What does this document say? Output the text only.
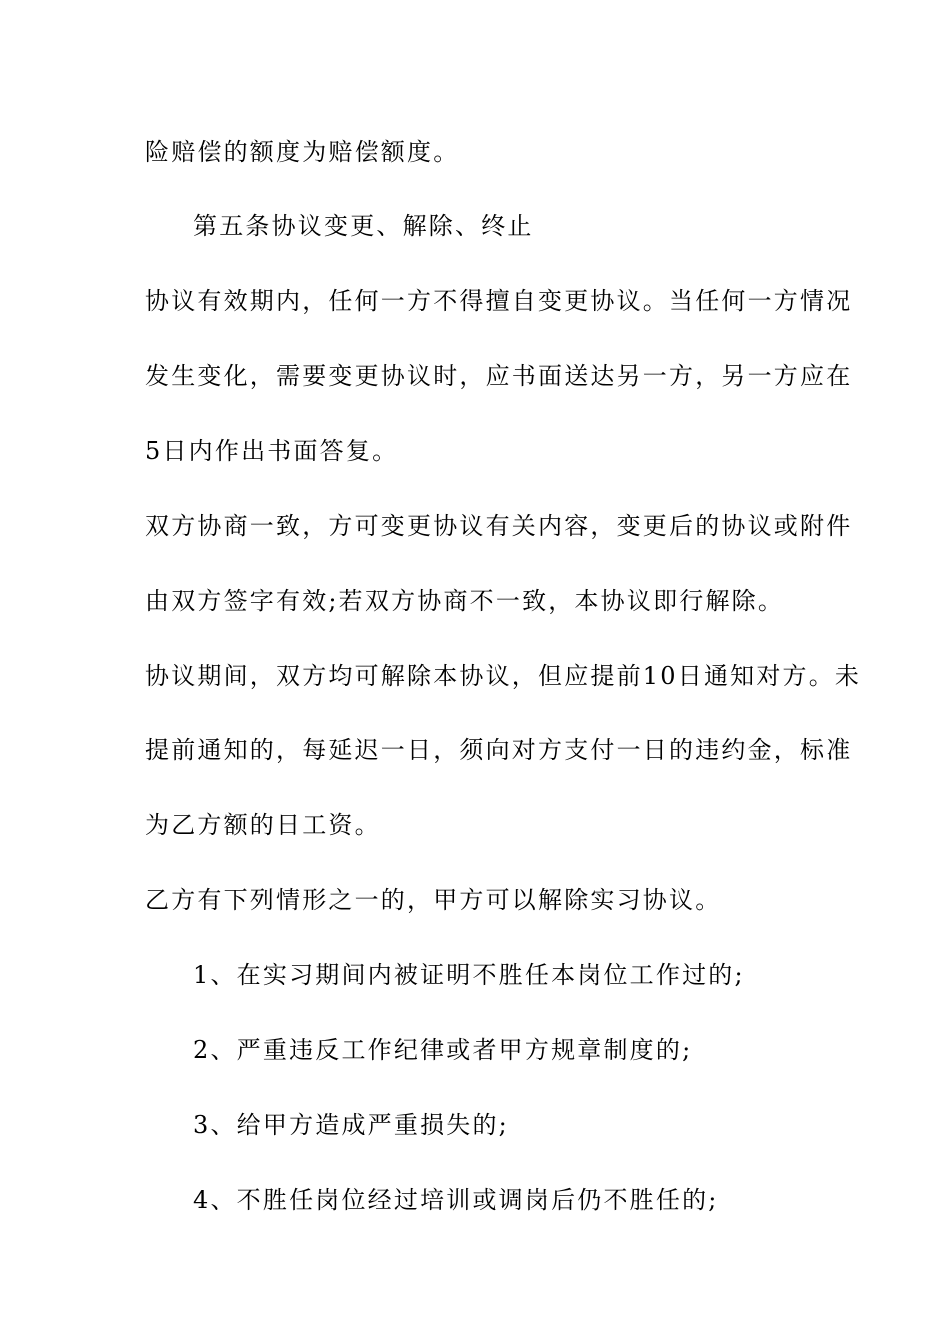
险赔偿的额度为赔偿额度。
第五条协议变更、解除、终止
协议有效期内，任何一方不得擅自变更协议。当任何一方情况
发生变化，需要变更协议时，应书面送达另一方，另一方应在
5日内作出书面答复。
双方协商一致，方可变更协议有关内容，变更后的协议或附件
由双方签字有效;若双方协商不一致，本协议即行解除。
协议期间，双方均可解除本协议，但应提前10日通知对方。未
提前通知的，每延迟一日，须向对方支付一日的违约金，标准
为乙方额的日工资。
乙方有下列情形之一的，甲方可以解除实习协议。
1、在实习期间内被证明不胜任本岗位工作过的;
2、严重违反工作纪律或者甲方规章制度的;
3、给甲方造成严重损失的;
4、不胜任岗位经过培训或调岗后仍不胜任的;
